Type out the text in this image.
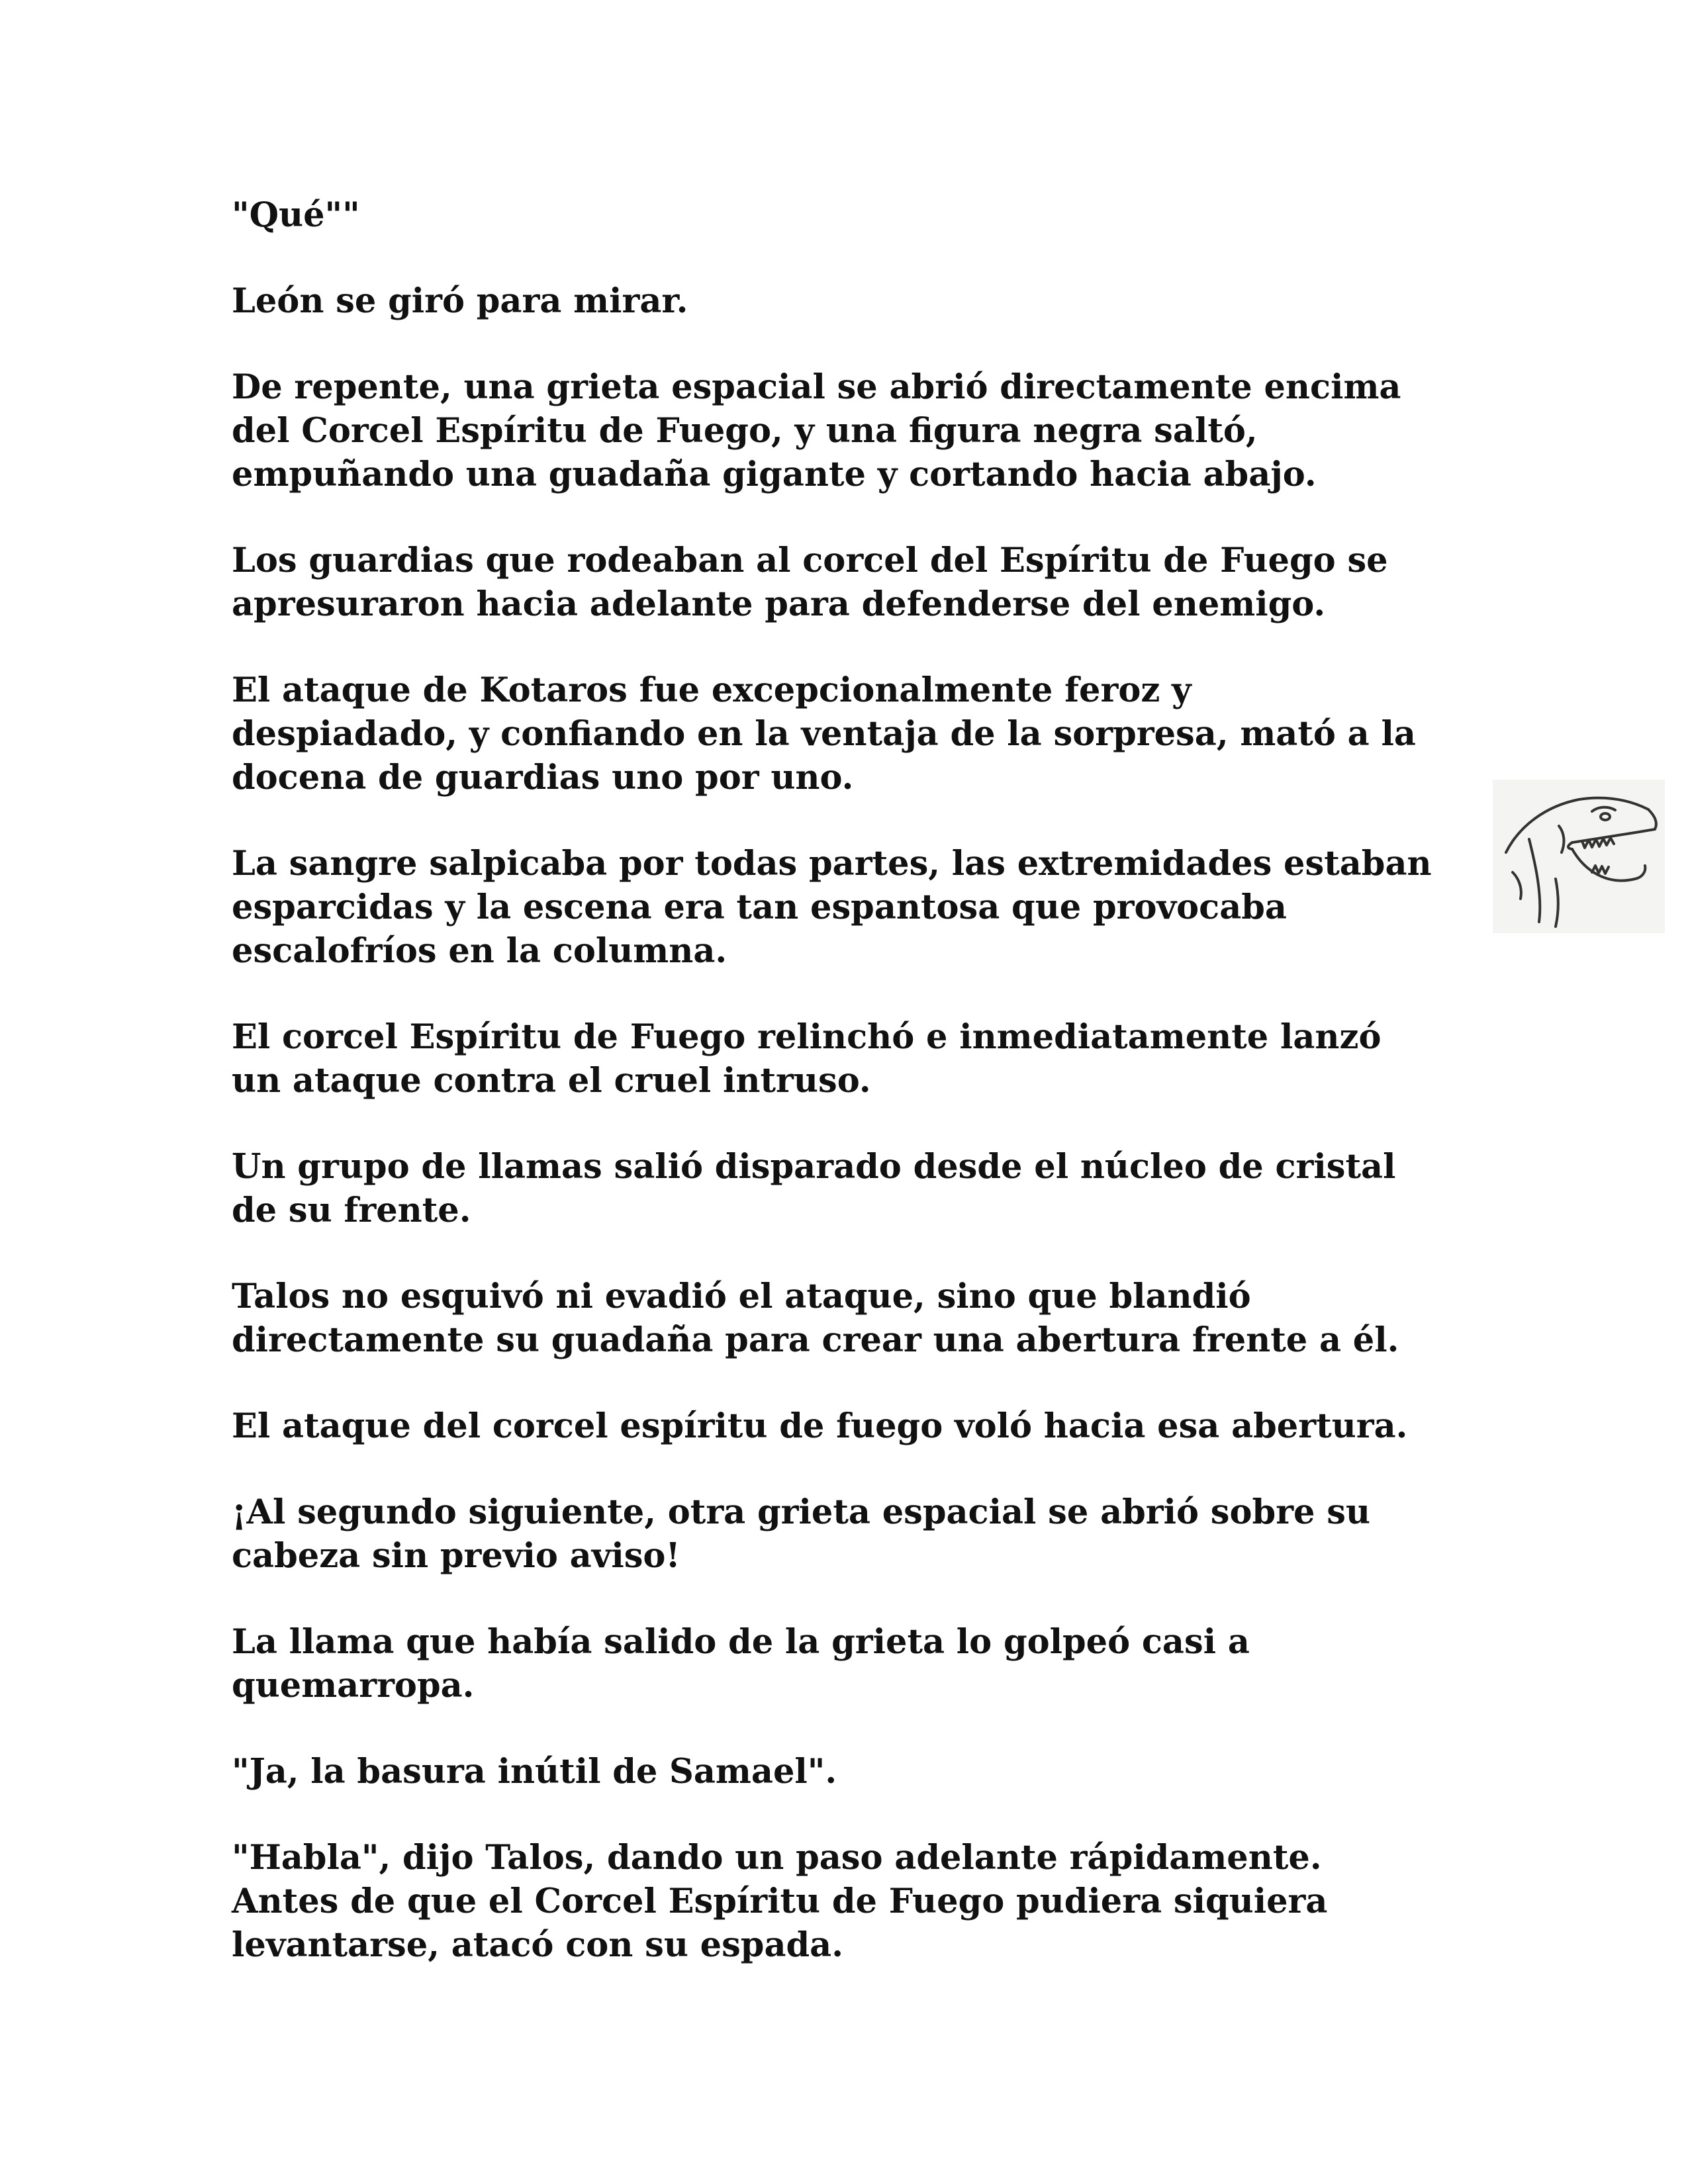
"Qué""

León se giró para mirar.

De repente, una grieta espacial se abrió directamente encima
del Corcel Espíritu de Fuego, y una figura negra saltó,
empuñando una guadaña gigante y cortando hacia abajo.

Los guardias que rodeaban al corcel del Espíritu de Fuego se
apresuraron hacia adelante para defenderse del enemigo.

El ataque de Kotaros fue excepcionalmente feroz y
despiadado, y confiando en la ventaja de la sorpresa, mató a la
docena de guardias uno por uno.

La sangre salpicaba por todas partes, las extremidades estaban
esparcidas y la escena era tan espantosa que provocaba
escalofríos en la columna.

El corcel Espíritu de Fuego relinchó e inmediatamente lanzó
un ataque contra el cruel intruso.

Un grupo de llamas salió disparado desde el núcleo de cristal
de su frente.

Talos no esquivó ni evadió el ataque, sino que blandió
directamente su guadaña para crear una abertura frente a él.

El ataque del corcel espíritu de fuego voló hacia esa abertura.

¡Al segundo siguiente, otra grieta espacial se abrió sobre su
cabeza sin previo aviso!

La llama que había salido de la grieta lo golpeó casi a
quemarropa.

"Ja, la basura inútil de Samael".

"Habla", dijo Talos, dando un paso adelante rápidamente.
Antes de que el Corcel Espíritu de Fuego pudiera siquiera
levantarse, atacó con su espada.
